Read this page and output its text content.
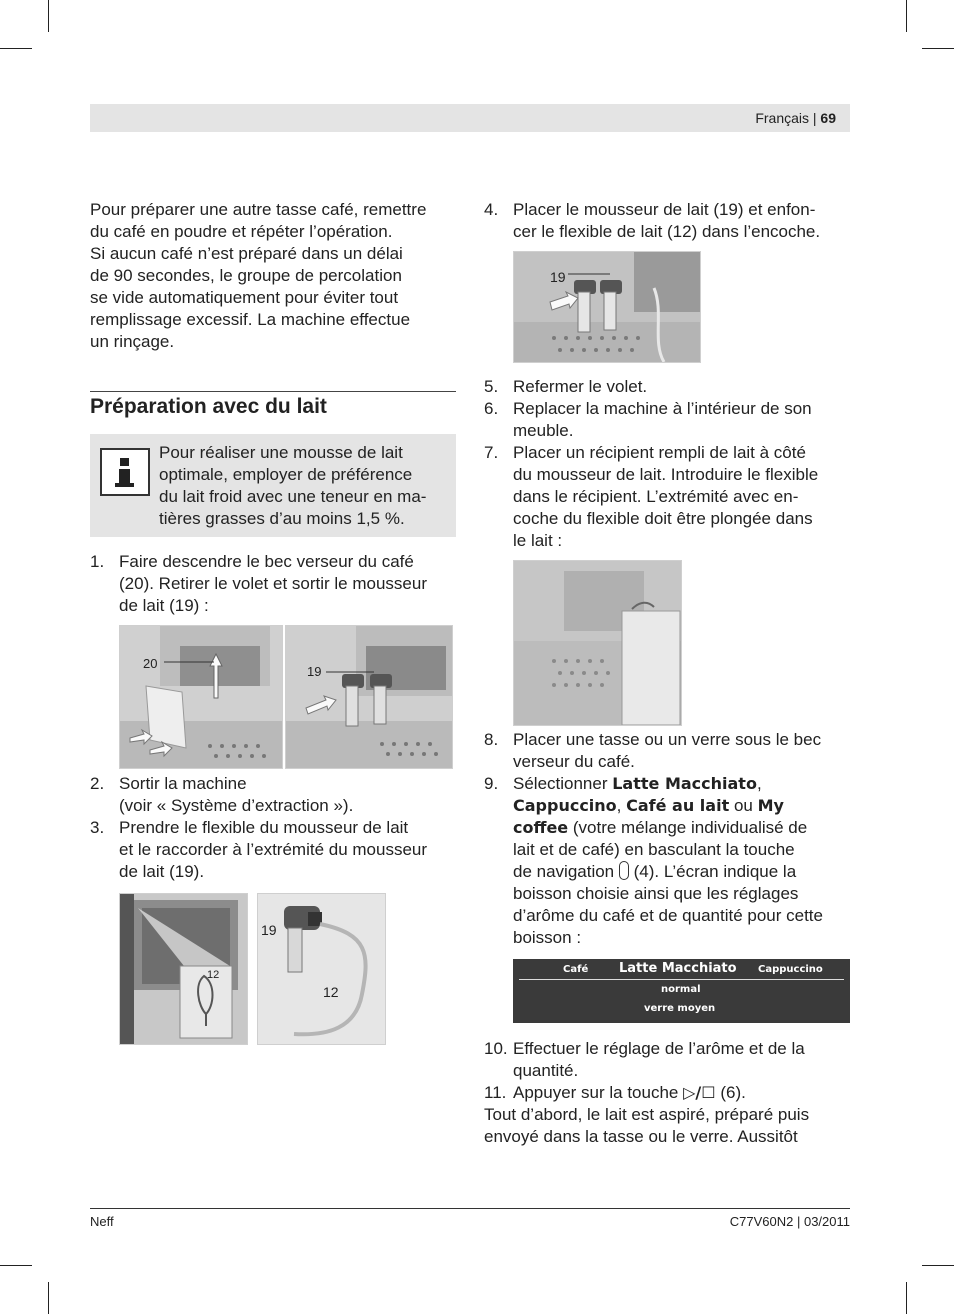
Français | 69

Pour préparer une autre tasse café, remettre

du café en poudre et répéter l’opération.

Si aucun café n’est préparé dans un délai

de 90 secondes, le groupe de percolation

se vide automatiquement pour éviter tout

remplissage excessif. La machine effectue

un rinçage.

Préparation avec du lait
Pour réaliser une mousse de lait
optimale, employer de préférence
du lait froid avec une teneur en ma-
tières grasses d’au moins 1,5 %.
1. Faire descendre le bec verseur du café
(20). Retirer le volet et sortir le mousseur
de lait (19) :
20
19
2. Sortir la machine
(voir « Système d’extraction »).
3. Prendre le flexible du mousseur de lait
et le raccorder à l’extrémité du mousseur
de lait (19).
12
19
12
4. Placer le mousseur de lait (19) et enfon-
cer le flexible de lait (12) dans l’encoche.
19
5. Refermer le volet.
6. Replacer la machine à l’intérieur de son
meuble.
7. Placer un récipient rempli de lait à côté
du mousseur de lait. Introduire le flexible
dans le récipient. L’extrémité avec en-
coche du flexible doit être plongée dans
le lait :
8. Placer une tasse ou un verre sous le bec
verseur du café.
9. Sélectionner Latte Macchiato,
Cappuccino, Café au lait ou My
coffee (votre mélange individualisé de
lait et de café) en basculant la touche
de navigation  (4). L’écran indique la
boisson choisie ainsi que les réglages
d’arôme du café et de quantité pour cette
boisson :
Café Latte Macchiato Cappuccino
normal
verre moyen
10. Effectuer le réglage de l’arôme et de la
quantité.
11. Appuyer sur la touche ▷/☐ (6).
Tout d’abord, le lait est aspiré, préparé puis
envoyé dans la tasse ou le verre. Aussitôt
Neff	C77V60N2 | 03/2011
